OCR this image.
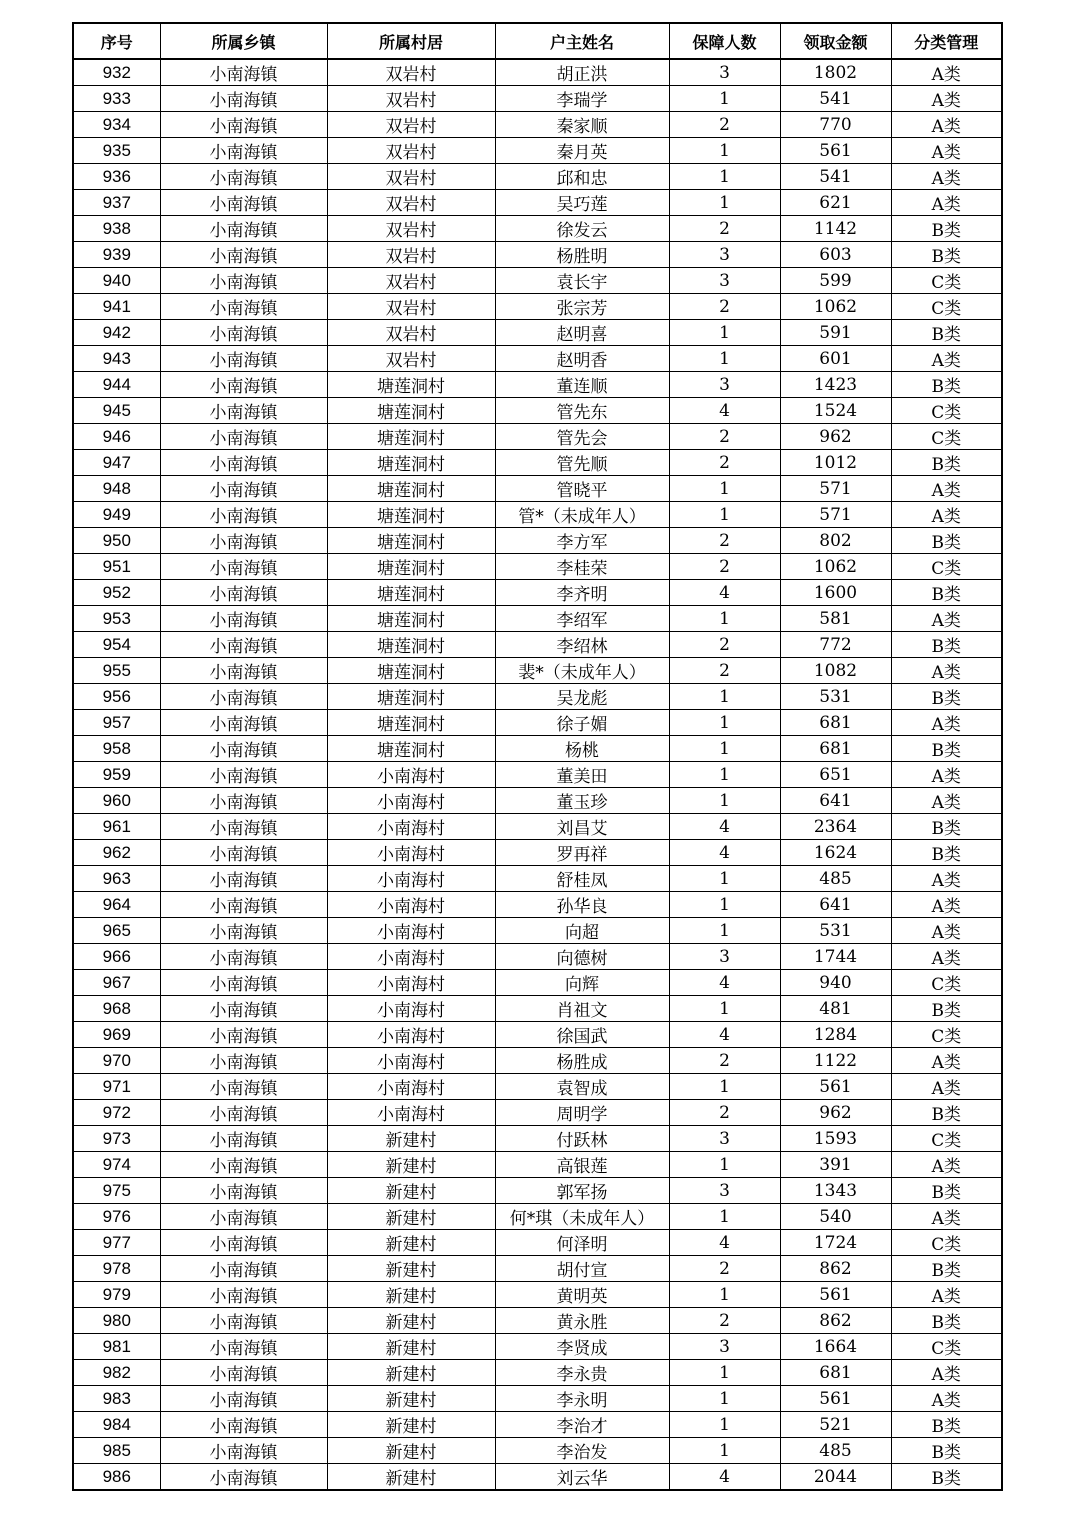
序号	所属乡镇	所属村居	户主姓名	保障人数	领取金额	分类管理
932	小南海镇	双岩村	胡正洪	3	1802	A类
933	小南海镇	双岩村	李瑞学	1	541	A类
934	小南海镇	双岩村	秦家顺	2	770	A类
935	小南海镇	双岩村	秦月英	1	561	A类
936	小南海镇	双岩村	邱和忠	1	541	A类
937	小南海镇	双岩村	吴巧莲	1	621	A类
938	小南海镇	双岩村	徐发云	2	1142	B类
939	小南海镇	双岩村	杨胜明	3	603	B类
940	小南海镇	双岩村	袁长宇	3	599	C类
941	小南海镇	双岩村	张宗芳	2	1062	C类
942	小南海镇	双岩村	赵明喜	1	591	B类
943	小南海镇	双岩村	赵明香	1	601	A类
944	小南海镇	塘莲洞村	董连顺	3	1423	B类
945	小南海镇	塘莲洞村	管先东	4	1524	C类
946	小南海镇	塘莲洞村	管先会	2	962	C类
947	小南海镇	塘莲洞村	管先顺	2	1012	B类
948	小南海镇	塘莲洞村	管晓平	1	571	A类
949	小南海镇	塘莲洞村	管*（未成年人）	1	571	A类
950	小南海镇	塘莲洞村	李方军	2	802	B类
951	小南海镇	塘莲洞村	李桂荣	2	1062	C类
952	小南海镇	塘莲洞村	李齐明	4	1600	B类
953	小南海镇	塘莲洞村	李绍军	1	581	A类
954	小南海镇	塘莲洞村	李绍林	2	772	B类
955	小南海镇	塘莲洞村	裴*（未成年人）	2	1082	A类
956	小南海镇	塘莲洞村	吴龙彪	1	531	B类
957	小南海镇	塘莲洞村	徐子媚	1	681	A类
958	小南海镇	塘莲洞村	杨桃	1	681	B类
959	小南海镇	小南海村	董美田	1	651	A类
960	小南海镇	小南海村	董玉珍	1	641	A类
961	小南海镇	小南海村	刘昌艾	4	2364	B类
962	小南海镇	小南海村	罗再祥	4	1624	B类
963	小南海镇	小南海村	舒桂凤	1	485	A类
964	小南海镇	小南海村	孙华良	1	641	A类
965	小南海镇	小南海村	向超	1	531	A类
966	小南海镇	小南海村	向德树	3	1744	A类
967	小南海镇	小南海村	向辉	4	940	C类
968	小南海镇	小南海村	肖祖文	1	481	B类
969	小南海镇	小南海村	徐国武	4	1284	C类
970	小南海镇	小南海村	杨胜成	2	1122	A类
971	小南海镇	小南海村	袁智成	1	561	A类
972	小南海镇	小南海村	周明学	2	962	B类
973	小南海镇	新建村	付跃林	3	1593	C类
974	小南海镇	新建村	高银莲	1	391	A类
975	小南海镇	新建村	郭军扬	3	1343	B类
976	小南海镇	新建村	何*琪（未成年人）	1	540	A类
977	小南海镇	新建村	何泽明	4	1724	C类
978	小南海镇	新建村	胡付宣	2	862	B类
979	小南海镇	新建村	黄明英	1	561	A类
980	小南海镇	新建村	黄永胜	2	862	B类
981	小南海镇	新建村	李贤成	3	1664	C类
982	小南海镇	新建村	李永贵	1	681	A类
983	小南海镇	新建村	李永明	1	561	A类
984	小南海镇	新建村	李治才	1	521	B类
985	小南海镇	新建村	李治发	1	485	B类
986	小南海镇	新建村	刘云华	4	2044	B类
